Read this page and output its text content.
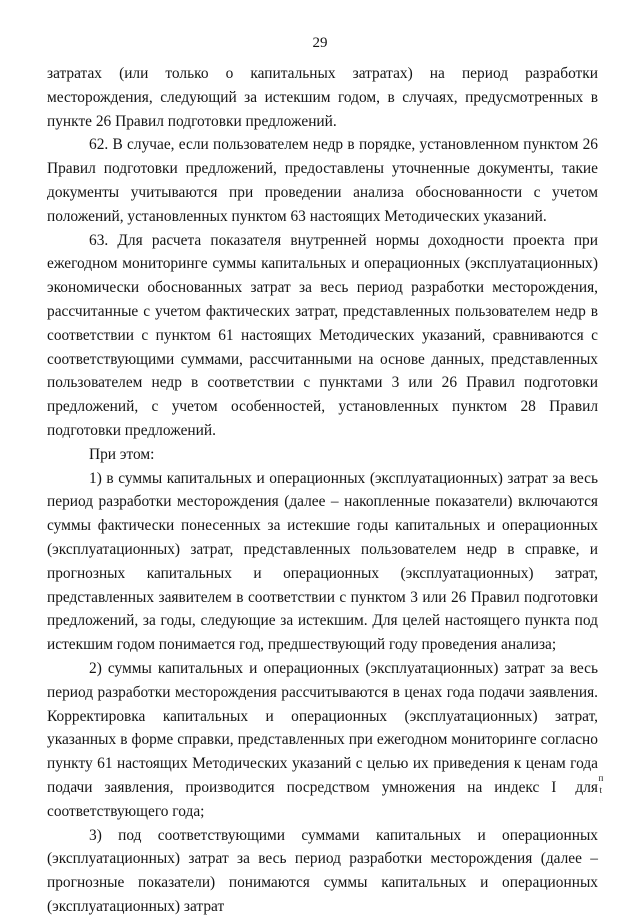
29

затратах (или только о капитальных затратах) на период разработки месторождения, следующий за истекшим годом, в случаях, предусмотренных в пункте 26 Правил подготовки предложений.

62. В случае, если пользователем недр в порядке, установленном пунктом 26 Правил подготовки предложений, предоставлены уточненные документы, такие документы учитываются при проведении анализа обоснованности с учетом положений, установленных пунктом 63 настоящих Методических указаний.

63. Для расчета показателя внутренней нормы доходности проекта при ежегодном мониторинге суммы капитальных и операционных (эксплуатационных) экономически обоснованных затрат за весь период разработки месторождения, рассчитанные с учетом фактических затрат, представленных пользователем недр в соответствии с пунктом 61 настоящих Методических указаний, сравниваются с соответствующими суммами, рассчитанными на основе данных, представленных пользователем недр в соответствии с пунктами 3 или 26 Правил подготовки предложений, с учетом особенностей, установленных пунктом 28 Правил подготовки предложений.

При этом:

1) в суммы капитальных и операционных (эксплуатационных) затрат за весь период разработки месторождения (далее – накопленные показатели) включаются суммы фактически понесенных за истекшие годы капитальных и операционных (эксплуатационных) затрат, представленных пользователем недр в справке, и прогнозных капитальных и операционных (эксплуатационных) затрат, представленных заявителем в соответствии с пунктом 3 или 26 Правил подготовки предложений, за годы, следующие за истекшим. Для целей настоящего пункта под истекшим годом понимается год, предшествующий году проведения анализа;

2) суммы капитальных и операционных (эксплуатационных) затрат за весь период разработки месторождения рассчитываются в ценах года подачи заявления. Корректировка капитальных и операционных (эксплуатационных) затрат, указанных в форме справки, представленных при ежегодном мониторинге согласно пункту 61 настоящих Методических указаний с целью их приведения к ценам года подачи заявления, производится посредством умножения на индекс I
п
t
для соответствующего года;

3) под соответствующими суммами капитальных и операционных (эксплуатационных) затрат за весь период разработки месторождения (далее – прогнозные показатели) понимаются суммы капитальных и операционных (эксплуатационных) затрат
